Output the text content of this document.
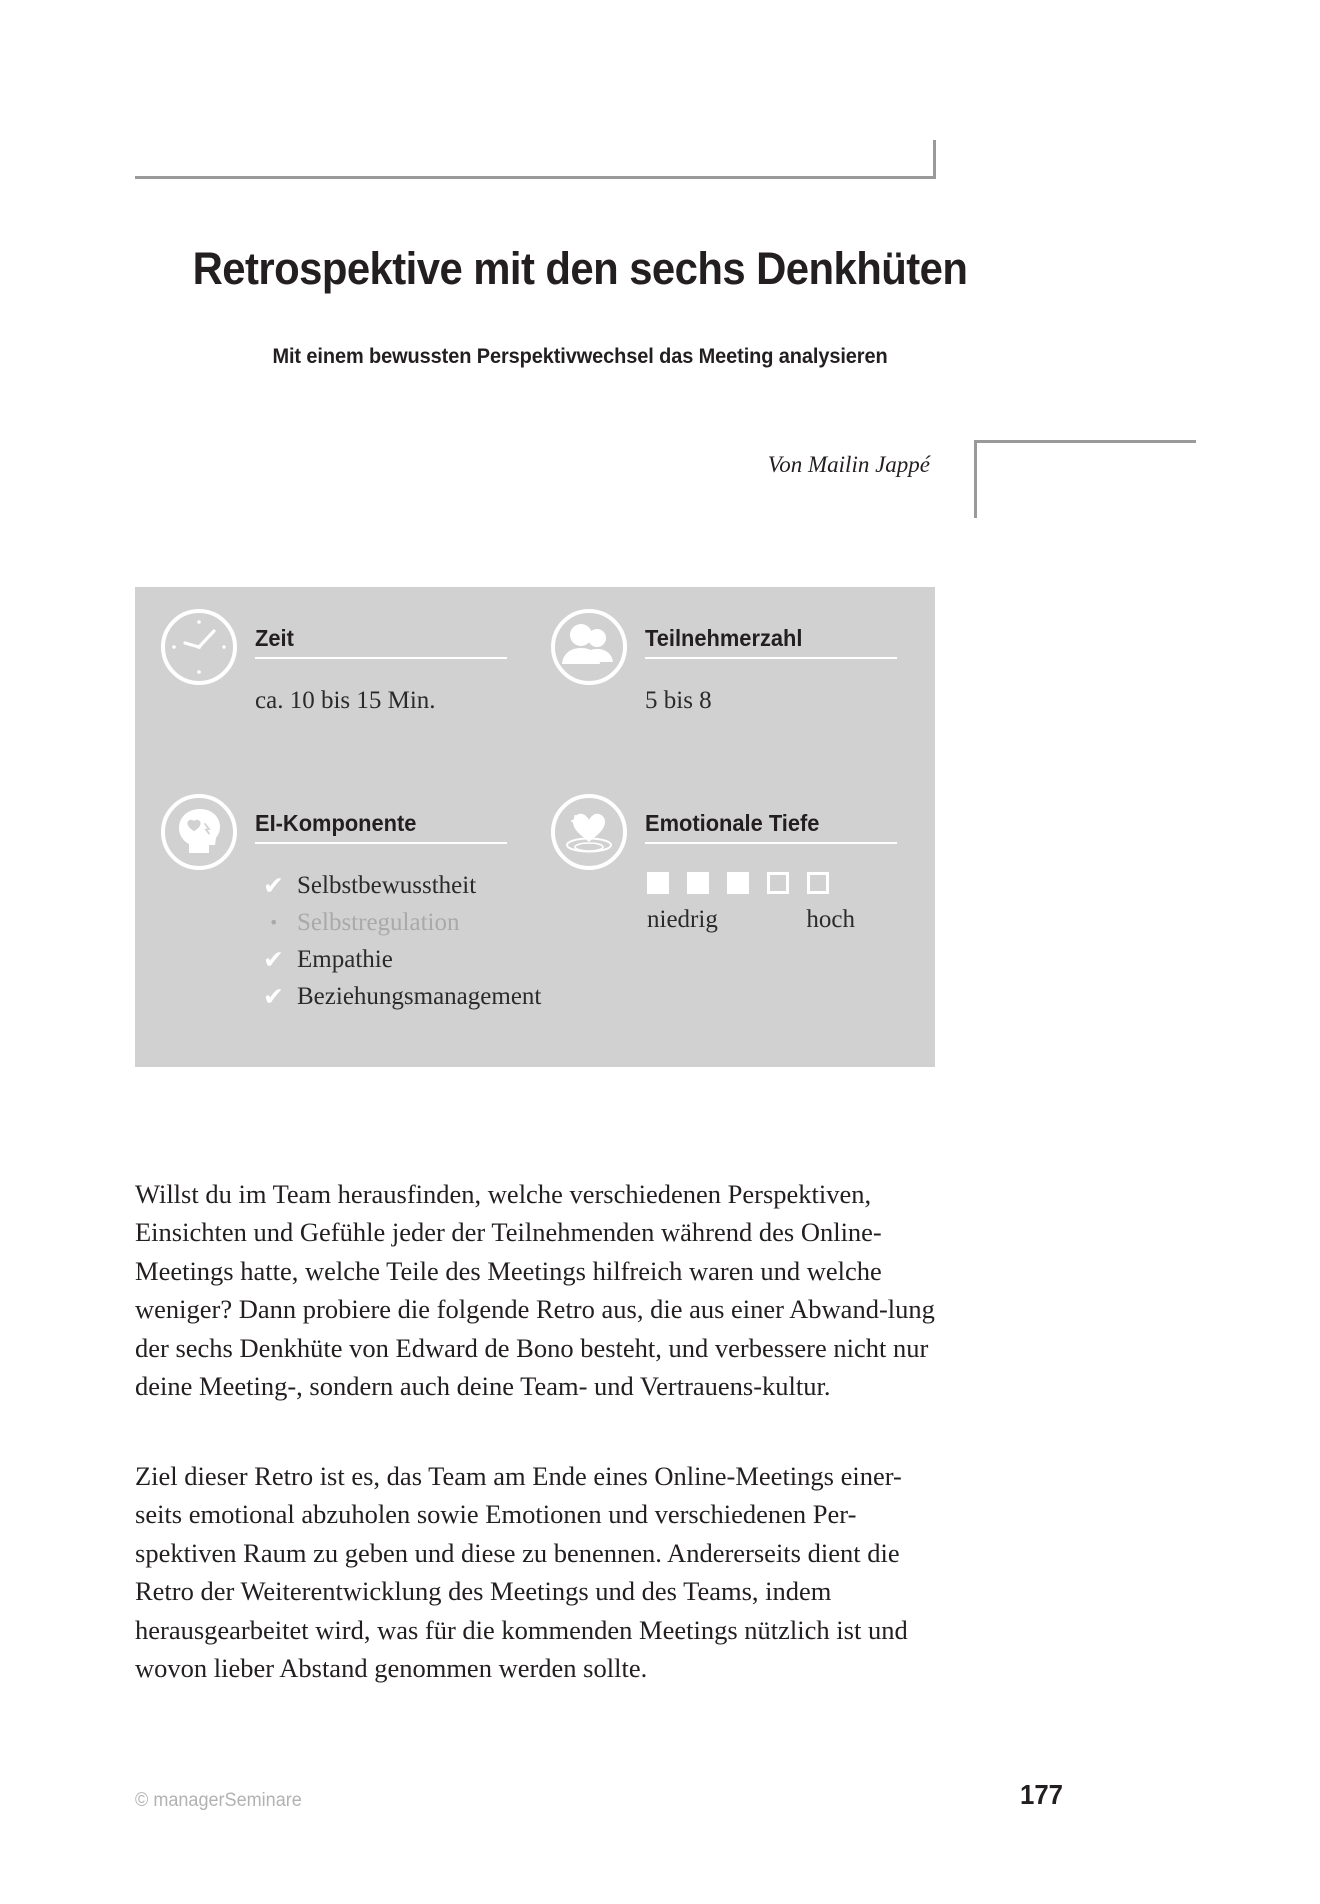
Retrospektive mit den sechs Denkhüten
Mit einem bewussten Perspektivwechsel das Meeting analysieren
Von Mailin Jappé
Zeit
ca. 10 bis 15 Min.
Teilnehmerzahl
5 bis 8
EI-Komponente
✔ Selbstbewusstheit
• Selbstregulation
✔ Empathie
✔ Beziehungsmanagement
Emotionale Tiefe
niedrig	hoch

Willst du im Team herausfinden, welche verschiedenen Perspektiven, Einsichten und Gefühle jeder der Teilnehmenden während des Online-Meetings hatte, welche Teile des Meetings hilfreich waren und welche weniger? Dann probiere die folgende Retro aus, die aus einer Abwand-lung der sechs Denkhüte von Edward de Bono besteht, und verbessere nicht nur deine Meeting-, sondern auch deine Team- und Vertrauens-kultur.

Ziel dieser Retro ist es, das Team am Ende eines Online-Meetings einer-seits emotional abzuholen sowie Emotionen und verschiedenen Per-spektiven Raum zu geben und diese zu benennen. Andererseits dient die Retro der Weiterentwicklung des Meetings und des Teams, indem herausgearbeitet wird, was für die kommenden Meetings nützlich ist und wovon lieber Abstand genommen werden sollte.

© managerSeminare	177
